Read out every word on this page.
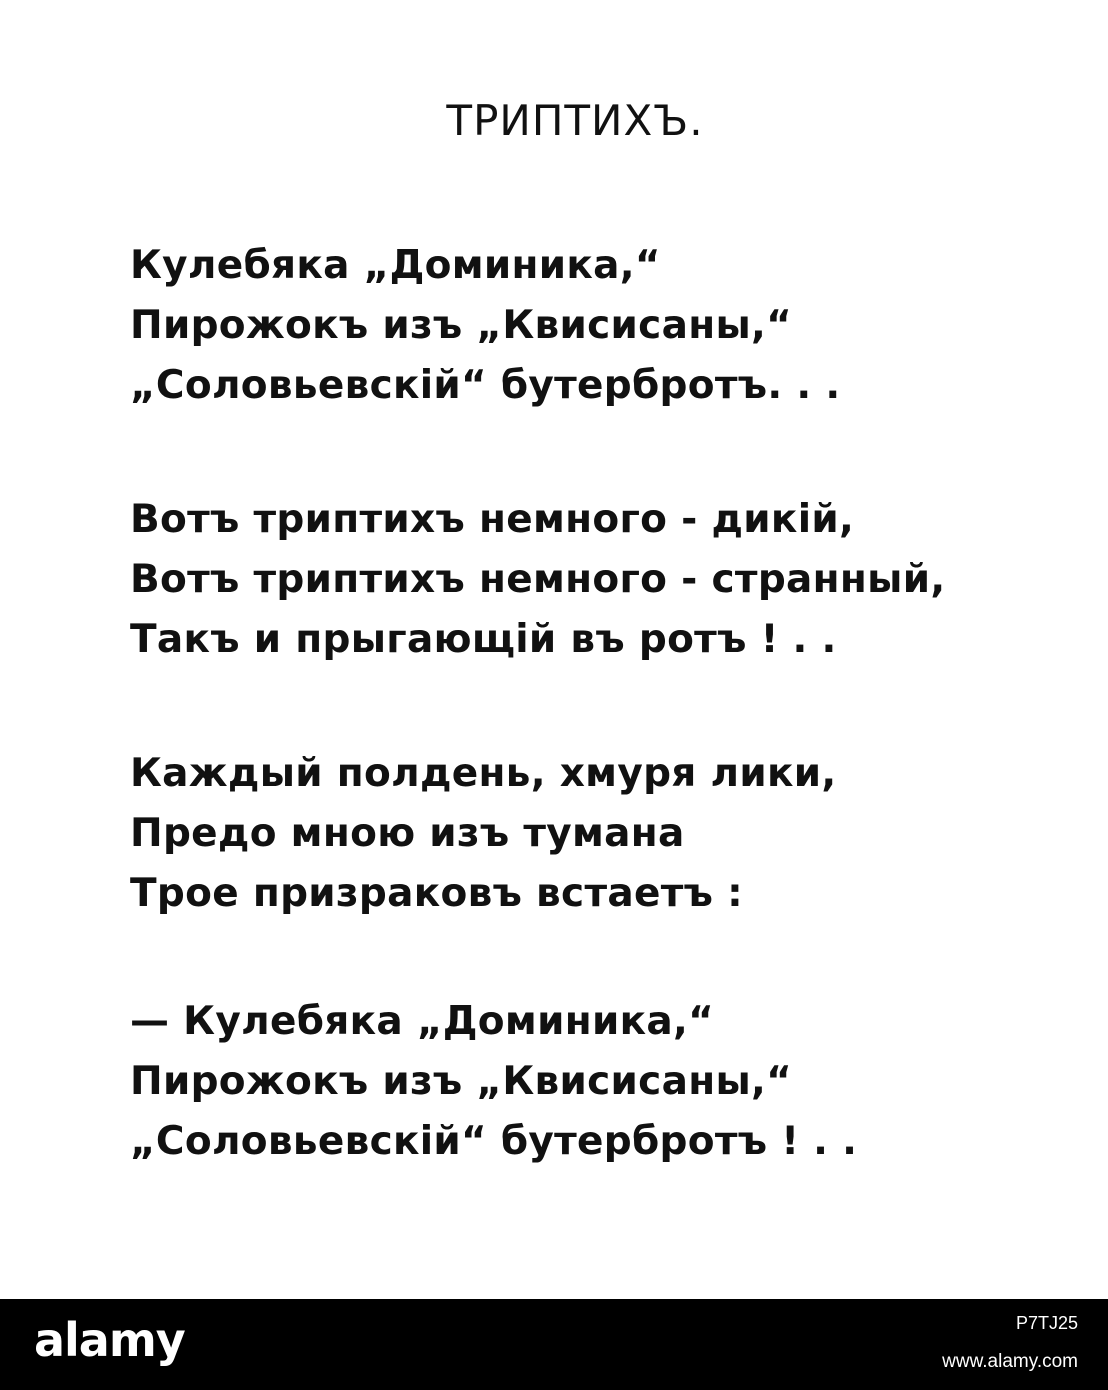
ТРИПТИХЪ.
Кулебяка „Доминика,“
Пирожокъ изъ „Квисисаны,“
„Соловьевскій“ бутербротъ. . .
Вотъ триптихъ немного - дикій,
Вотъ триптихъ немного - странный,
Такъ и прыгающій въ ротъ ! . .
Каждый полдень, хмуря лики,
Предо мною изъ тумана
Трое призраковъ встаетъ :
— Кулебяка „Доминика,“
Пирожокъ изъ „Квисисаны,“
„Соловьевскій“ бутербротъ ! . .
alamy	P7TJ25
www.alamy.com
